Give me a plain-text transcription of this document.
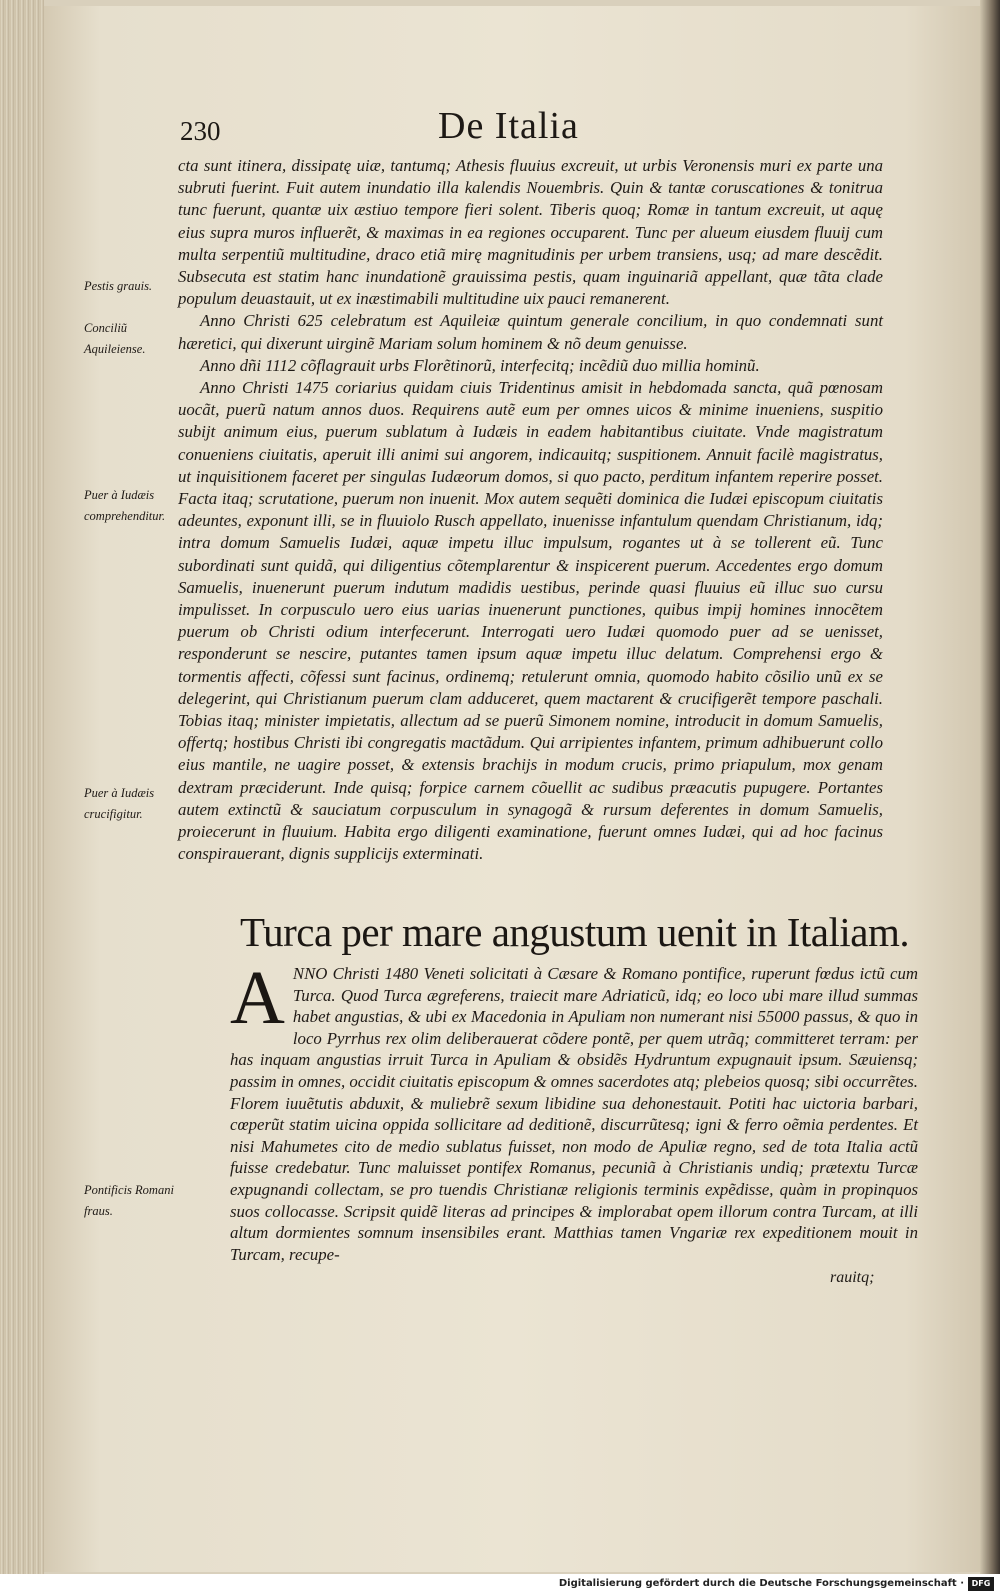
230	De Italia
Pestis grauis.
Conciliũ Aquileiense.
Puer à Iudæis comprehenditur.
Puer à Iudæis crucifigitur.
Pontificis Romani fraus.

cta sunt itinera, dissipatę uiæ, tantumq; Athesis fluuius excreuit, ut urbis Veronensis muri ex parte una subruti fuerint. Fuit autem inundatio illa kalendis Nouembris. Quin & tantæ coruscationes & tonitrua tunc fuerunt, quantæ uix æstiuo tempore fieri solent. Tiberis quoq; Romæ in tantum excreuit, ut aquę eius supra muros influerẽt, & maximas in ea regiones occuparent. Tunc per alueum eiusdem fluuij cum multa serpentiũ multitudine, draco etiã mirę magnitudinis per urbem transiens, usq; ad mare descẽdit. Subsecuta est statim hanc inundationẽ grauissima pestis, quam inguinariã appellant, quæ tãta clade populum deuastauit, ut ex inæstimabili multitudine uix pauci remanerent.

Anno Christi 625 celebratum est Aquileiæ quintum generale concilium, in quo condemnati sunt hæretici, qui dixerunt uirginẽ Mariam solum hominem & nõ deum genuisse.

Anno dñi 1112 cõflagrauit urbs Florẽtinorũ, interfecitq; incẽdiũ duo millia hominũ.

Anno Christi 1475 coriarius quidam ciuis Tridentinus amisit in hebdomada sancta, quã pœnosam uocãt, puerũ natum annos duos. Requirens autẽ eum per omnes uicos & minime inueniens, suspitio subijt animum eius, puerum sublatum à Iudæis in eadem habitantibus ciuitate. Vnde magistratum conueniens ciuitatis, aperuit illi animi sui angorem, indicauitq; suspitionem. Annuit facilè magistratus, ut inquisitionem faceret per singulas Iudæorum domos, si quo pacto, perditum infantem reperire posset. Facta itaq; scrutatione, puerum non inuenit. Mox autem sequẽti dominica die Iudæi episcopum ciuitatis adeuntes, exponunt illi, se in fluuiolo Rusch appellato, inuenisse infantulum quendam Christianum, idq; intra domum Samuelis Iudæi, aquæ impetu illuc impulsum, rogantes ut à se tollerent eũ. Tunc subordinati sunt quidã, qui diligentius cõtemplarentur & inspicerent puerum. Accedentes ergo domum Samuelis, inuenerunt puerum indutum madidis uestibus, perinde quasi fluuius eũ illuc suo cursu impulisset. In corpusculo uero eius uarias inuenerunt punctiones, quibus impij homines innocẽtem puerum ob Christi odium interfecerunt. Interrogati uero Iudæi quomodo puer ad se uenisset, responderunt se nescire, putantes tamen ipsum aquæ impetu illuc delatum. Comprehensi ergo & tormentis affecti, cõfessi sunt facinus, ordinemq; retulerunt omnia, quomodo habito cõsilio unũ ex se delegerint, qui Christianum puerum clam adduceret, quem mactarent & crucifigerẽt tempore paschali. Tobias itaq; minister impietatis, allectum ad se puerũ Simonem nomine, introducit in domum Samuelis, offertq; hostibus Christi ibi congregatis mactãdum. Qui arripientes infantem, primum adhibuerunt collo eius mantile, ne uagire posset, & extensis brachijs in modum crucis, primo priapulum, mox genam dextram præciderunt. Inde quisq; forpice carnem cõuellit ac sudibus præacutis pupugere. Portantes autem extinctũ & sauciatum corpusculum in synagogã & rursum deferentes in domum Samuelis, proiecerunt in fluuium. Habita ergo diligenti examinatione, fuerunt omnes Iudæi, qui ad hoc facinus conspirauerant, dignis supplicijs exterminati.

Turca per mare angustum uenit in Italiam.
A NNO Christi 1480 Veneti solicitati à Cæsare & Romano pontifice, ruperunt fœdus ictũ cum Turca. Quod Turca ægreferens, traiecit mare Adriaticũ, idq; eo loco ubi mare illud summas habet angustias, & ubi ex Macedonia in Apuliam non numerant nisi 55000 passus, & quo in loco Pyrrhus rex olim deliberauerat cõdere pontẽ, per quem utrãq; committeret terram: per has inquam angustias irruit Turca in Apuliam & obsidẽs Hydruntum expugnauit ipsum. Sæuiensq; passim in omnes, occidit ciuitatis episcopum & omnes sacerdotes atq; plebeios quosq; sibi occurrẽtes. Florem iuuẽtutis abduxit, & muliebrẽ sexum libidine sua dehonestauit. Potiti hac uictoria barbari, cœperũt statim uicina oppida sollicitare ad deditionẽ, discurrũtesq; igni & ferro oẽmia perdentes. Et nisi Mahumetes cito de medio sublatus fuisset, non modo de Apuliæ regno, sed de tota Italia actũ fuisse credebatur. Tunc maluisset pontifex Romanus, pecuniã à Christianis undiq; prætextu Turcæ expugnandi collectam, se pro tuendis Christianæ religionis terminis expẽdisse, quàm in propinquos suos collocasse. Scripsit quidẽ literas ad principes & implorabat opem illorum contra Turcam, at illi altum dormientes somnum insensibiles erant. Matthias tamen Vngariæ rex expeditionem mouit in Turcam, recupe-

rauitq;
Digitalisierung gefördert durch die Deutsche Forschungsgemeinschaft · DFG
